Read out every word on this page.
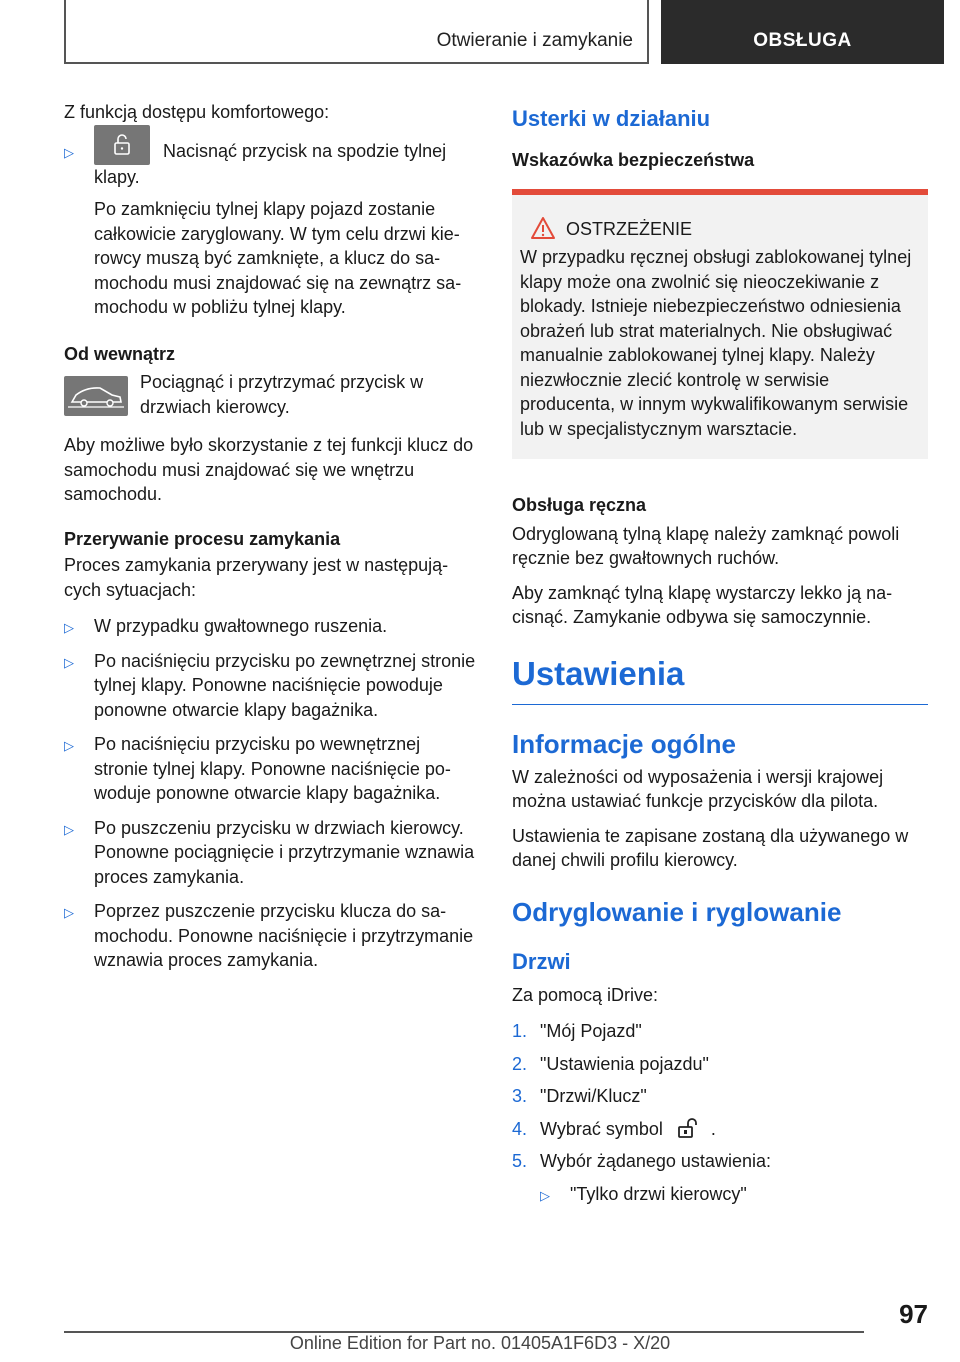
Otwieranie i zamykanie	OBSŁUGA

Z funkcją dostępu komfortowego:

▷	Nacisnąć przycisk na spodzie tylnej klapy.

Po zamknięciu tylnej klapy pojazd zostanie całkowicie zaryglowany. W tym celu drzwi kierowcy muszą być zamknięte, a klucz do samochodu musi znajdować się na zewnątrz samochodu w pobliżu tylnej klapy.

Od wewnątrz

Pociągnąć i przytrzymać przycisk w drzwiach kierowcy.

Aby możliwe było skorzystanie z tej funkcji klucz do samochodu musi znajdować się we wnętrzu samochodu.

Przerywanie procesu zamykania

Proces zamykania przerywany jest w następujących sytuacjach:

▷ W przypadku gwałtownego ruszenia.
▷ Po naciśnięciu przycisku po zewnętrznej stronie tylnej klapy. Ponowne naciśnięcie powoduje ponowne otwarcie klapy bagażnika.
▷ Po naciśnięciu przycisku po wewnętrznej stronie tylnej klapy. Ponowne naciśnięcie powoduje ponowne otwarcie klapy bagażnika.
▷ Po puszczeniu przycisku w drzwiach kierowcy. Ponowne pociągnięcie i przytrzymanie wznawia proces zamykania.
▷ Poprzez puszczenie przycisku klucza do samochodu. Ponowne naciśnięcie i przytrzymanie wznawia proces zamykania.
Usterki w działaniu

Wskazówka bezpieczeństwa

OSTRZEŻENIE

W przypadku ręcznej obsługi zablokowanej tylnej klapy może ona zwolnić się nieoczekiwanie z blokady. Istnieje niebezpieczeństwo odniesienia obrażeń lub strat materialnych. Nie obsługiwać manualnie zablokowanej tylnej klapy. Należy niezwłocznie zlecić kontrolę w serwisie producenta, w innym wykwalifikowanym serwisie lub w specjalistycznym warsztacie.

Obsługa ręczna

Odryglowaną tylną klapę należy zamknąć powoli ręcznie bez gwałtownych ruchów.

Aby zamknąć tylną klapę wystarczy lekko ją nacisnąć. Zamykanie odbywa się samoczynnie.

Ustawienia
Informacje ogólne

W zależności od wyposażenia i wersji krajowej można ustawiać funkcje przycisków dla pilota.

Ustawienia te zapisane zostaną dla używanego w danej chwili profilu kierowcy.

Odryglowanie i ryglowanie
Drzwi

Za pomocą iDrive:

1. "Mój Pojazd"
2. "Ustawienia pojazdu"
3. "Drzwi/Klucz"
4. Wybrać symbol	.
5. Wybór żądanego ustawienia:
▷ "Tylko drzwi kierowcy"
97
Online Edition for Part no. 01405A1F6D3 - X/20
